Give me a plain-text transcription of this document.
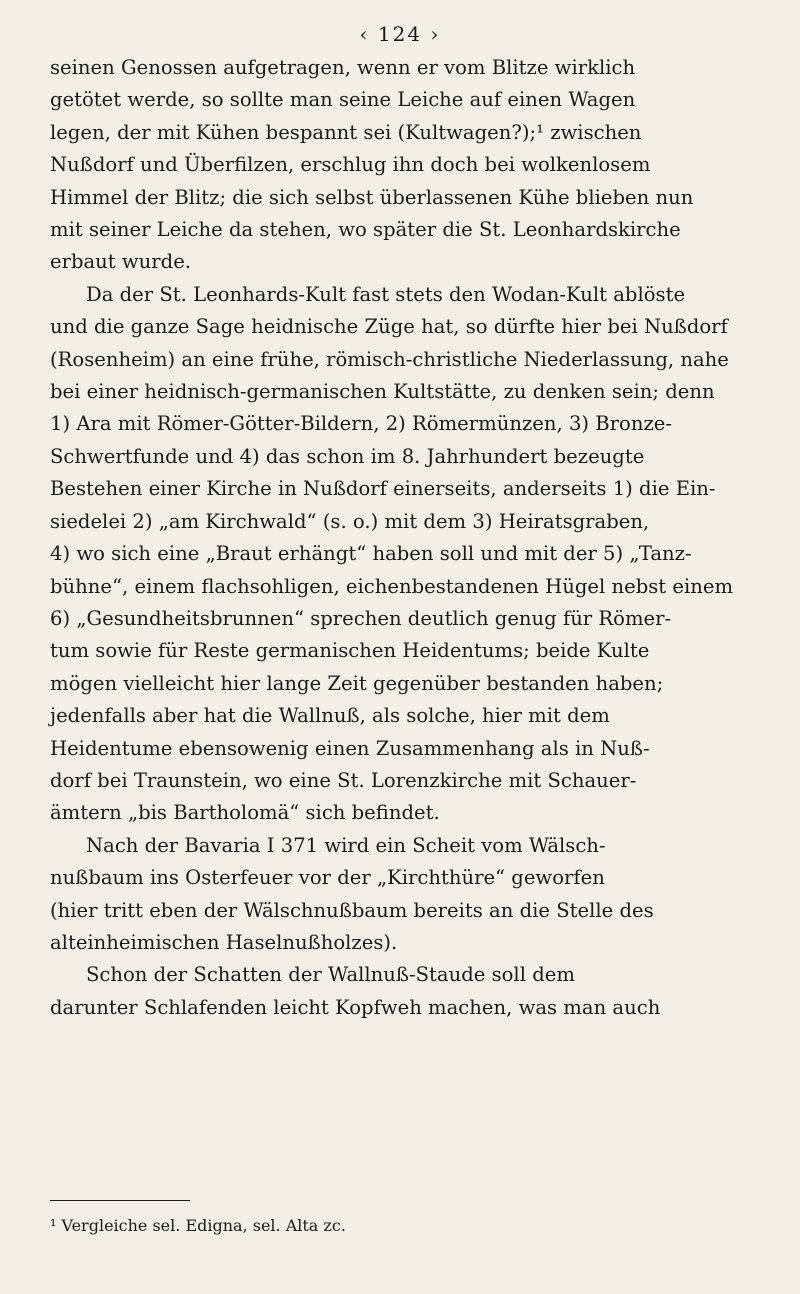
‹ 124 ›
seinen Genossen aufgetragen, wenn er vom Blitze wirklich
getötet werde, so sollte man seine Leiche auf einen Wagen
legen, der mit Kühen bespannt sei (Kultwagen?);¹ zwischen
Nußdorf und Überfilzen, erschlug ihn doch bei wolkenlosem
Himmel der Blitz; die sich selbst überlassenen Kühe blieben nun
mit seiner Leiche da stehen, wo später die St. Leonhardskirche
erbaut wurde.
Da der St. Leonhards-Kult fast stets den Wodan-Kult ablöste
und die ganze Sage heidnische Züge hat, so dürfte hier bei Nußdorf
(Rosenheim) an eine frühe, römisch-christliche Niederlassung, nahe
bei einer heidnisch-germanischen Kultstätte, zu denken sein; denn
1) Ara mit Römer-Götter-Bildern, 2) Römermünzen, 3) Bronze-
Schwertfunde und 4) das schon im 8. Jahrhundert bezeugte
Bestehen einer Kirche in Nußdorf einerseits, anderseits 1) die Ein-
siedelei 2) „am Kirchwald“ (s. o.) mit dem 3) Heiratsgraben,
4) wo sich eine „Braut erhängt“ haben soll und mit der 5) „Tanz-
bühne“, einem flachsohligen, eichenbestandenen Hügel nebst einem
6) „Gesundheitsbrunnen“ sprechen deutlich genug für Römer-
tum sowie für Reste germanischen Heidentums; beide Kulte
mögen vielleicht hier lange Zeit gegenüber bestanden haben;
jedenfalls aber hat die Wallnuß, als solche, hier mit dem
Heidentume ebensowenig einen Zusammenhang als in Nuß-
dorf bei Traunstein, wo eine St. Lorenzkirche mit Schauer-
ämtern „bis Bartholomä“ sich befindet.
Nach der Bavaria I 371 wird ein Scheit vom Wälsch-
nußbaum ins Osterfeuer vor der „Kirchthüre“ geworfen
(hier tritt eben der Wälschnußbaum bereits an die Stelle des
alteinheimischen Haselnußholzes).
Schon der Schatten der Wallnuß-Staude soll dem
darunter Schlafenden leicht Kopfweh machen, was man auch
¹ Vergleiche sel. Edigna, sel. Alta zc.
